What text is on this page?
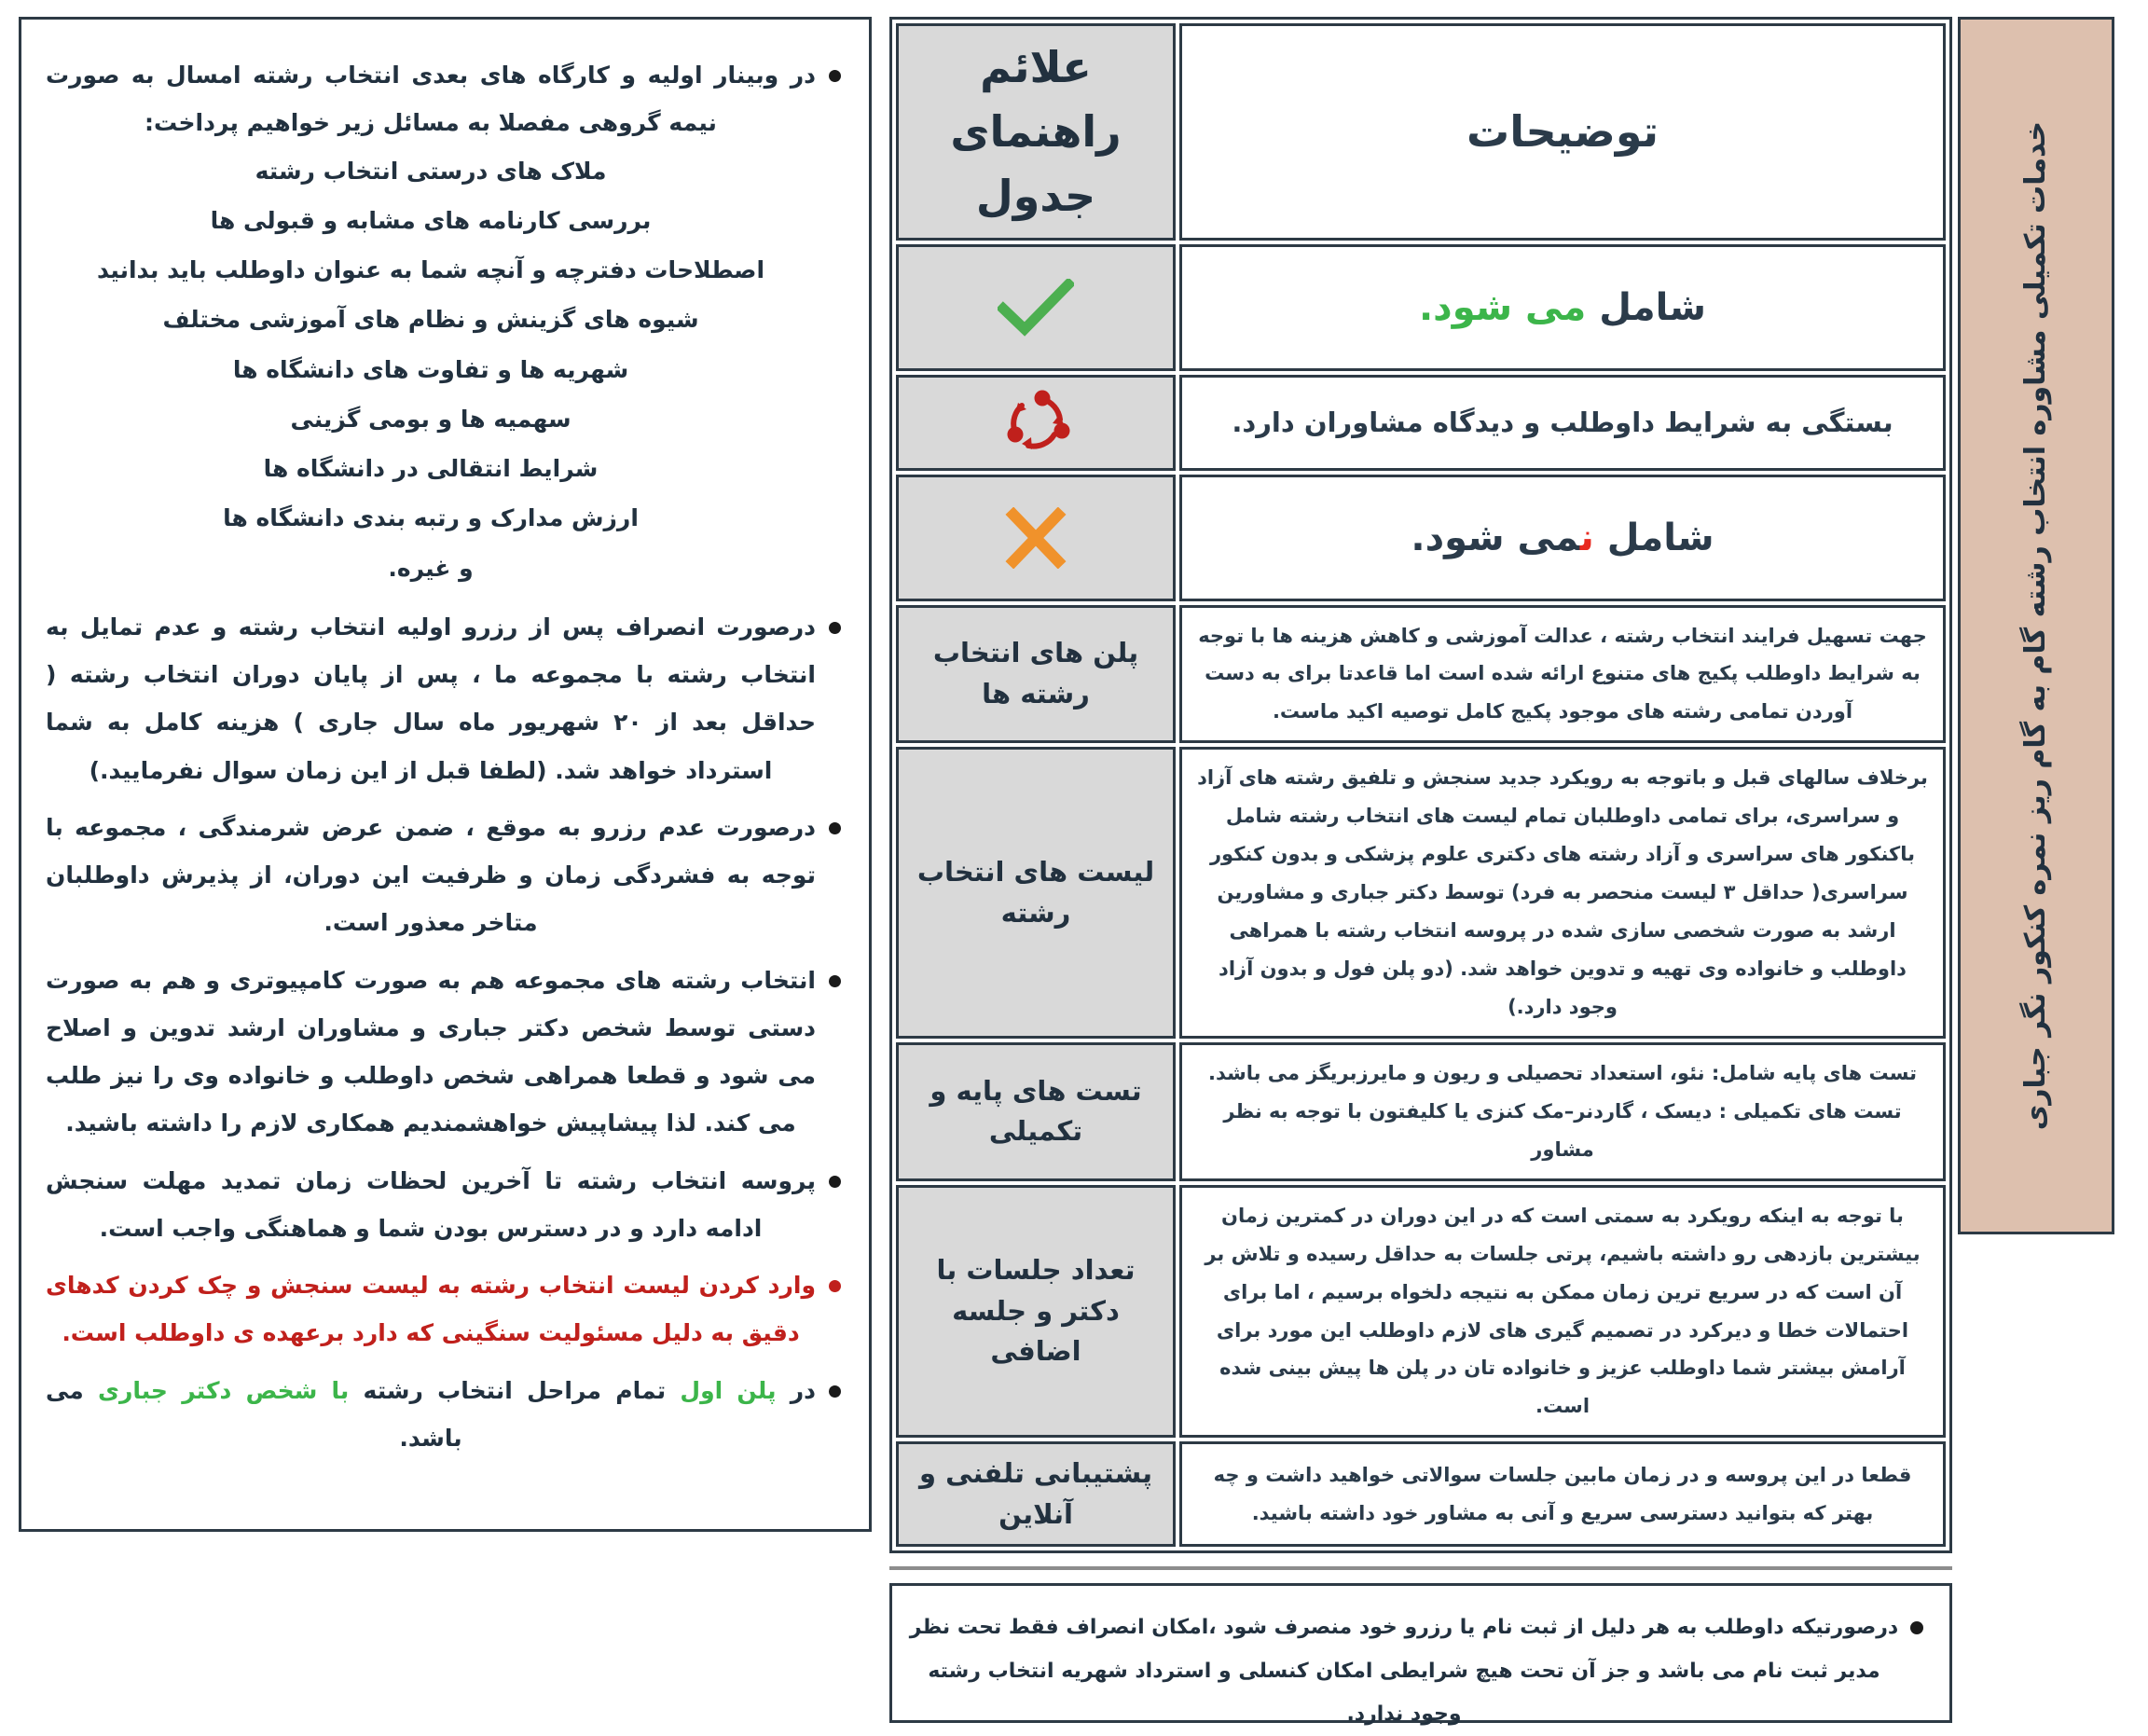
در وبینار اولیه و کارگاه های بعدی انتخاب رشته امسال به صورت نیمه گروهی مفصلا به مسائل زیر خواهیم پرداخت:
ملاک های درستی انتخاب رشته
بررسی کارنامه های مشابه و قبولی ها
اصطلاحات دفترچه و آنچه شما به عنوان داوطلب باید بدانید
شیوه های گزینش و نظام های آموزشی مختلف
شهریه ها و تفاوت های دانشگاه ها
سهمیه ها و بومی گزینی
شرایط انتقالی در دانشگاه ها
ارزش مدارک و رتبه بندی دانشگاه ها
و غیره.
درصورت انصراف پس از رزرو اولیه انتخاب رشته و عدم تمایل به انتخاب رشته با مجموعه ما ، پس از پایان دوران انتخاب رشته ( حداقل بعد از ۲۰ شهریور ماه سال جاری ) هزینه کامل به شما استرداد خواهد شد. (لطفا قبل از این زمان سوال نفرمایید.)
درصورت عدم رزرو به موقع ، ضمن عرض شرمندگی ، مجموعه با توجه به فشردگی زمان و ظرفیت این دوران، از پذیرش داوطلبان متاخر معذور است.
انتخاب رشته های مجموعه هم به صورت کامپیوتری و هم به صورت دستی توسط شخص دکتر جباری و مشاوران ارشد تدوین و اصلاح می شود و قطعا همراهی شخص داوطلب و خانواده وی را نیز طلب می کند. لذا پیشاپیش خواهشمندیم همکاری لازم را داشته باشید.
پروسه انتخاب رشته تا آخرین لحظات زمان تمدید مهلت سنجش ادامه دارد و در دسترس بودن شما و هماهنگی واجب است.
وارد کردن لیست انتخاب رشته به لیست سنجش و چک کردن کدهای دقیق به دلیل مسئولیت سنگینی که دارد برعهده ی داوطلب است.
در پلن اول تمام مراحل انتخاب رشته با شخص دکتر جباری می باشد.
خدمات تکمیلی مشاوره انتخاب رشته گام به گام ریز نمره کنکور نگر جباری
توضیحات	علائم راهنمای جدول
شامل می شود.	

بستگی به شرایط داوطلب و دیدگاه مشاوران دارد.	

شامل نمی شود.	

جهت تسهیل فرایند انتخاب رشته ، عدالت آموزشی و کاهش هزینه ها با توجه به شرایط داوطلب پکیج های متنوع ارائه شده است اما قاعدتا برای به دست آوردن تمامی رشته های موجود پکیج کامل توصیه اکید ماست.	پلن های انتخاب رشته ها
برخلاف سالهای قبل و باتوجه به رویکرد جدید سنجش و تلفیق رشته های آزاد و سراسری، برای تمامی داوطلبان تمام لیست های انتخاب رشته شامل باکنکور های سراسری و آزاد رشته های دکتری علوم پزشکی و بدون کنکور سراسری( حداقل ۳ لیست منحصر به فرد) توسط دکتر جباری و مشاورین ارشد به صورت شخصی سازی شده در پروسه انتخاب رشته با همراهی داوطلب و خانواده وی تهیه و تدوین خواهد شد. (دو پلن فول و بدون آزاد وجود دارد.)	لیست های انتخاب رشته
تست های پایه شامل: نئو، استعداد تحصیلی و ریون و مایرزبریگز می باشد. تست های تکمیلی : دیسک ، گاردنر–مک کنزی یا کلیفتون با توجه به نظر مشاور	تست های پایه و تکمیلی
با توجه به اینکه رویکرد به سمتی است که در این دوران در کمترین زمان بیشترین بازدهی رو داشته باشیم، پرتی جلسات به حداقل رسیده و تلاش بر آن است که در سریع ترین زمان ممکن به نتیجه دلخواه برسیم ، اما برای احتمالات خطا و دیرکرد در تصمیم گیری های لازم داوطلب این مورد برای آرامش بیشتر شما داوطلب عزیز و خانواده تان در پلن ها پیش بینی شده است.	تعداد جلسات با دکتر و جلسه اضافی
قطعا در این پروسه و در زمان مابین جلسات سوالاتی خواهید داشت و چه بهتر که بتوانید دسترسی سریع و آنی به مشاور خود داشته باشید.	پشتیبانی تلفنی و آنلاین
درصورتیکه داوطلب به هر دلیل از ثبت نام یا رزرو خود منصرف شود ،امکان انصراف فقط تحت نظر مدیر ثبت نام می باشد و جز آن تحت هیچ شرایطی امکان کنسلی و استرداد شهریه انتخاب رشته وجود ندارد.
